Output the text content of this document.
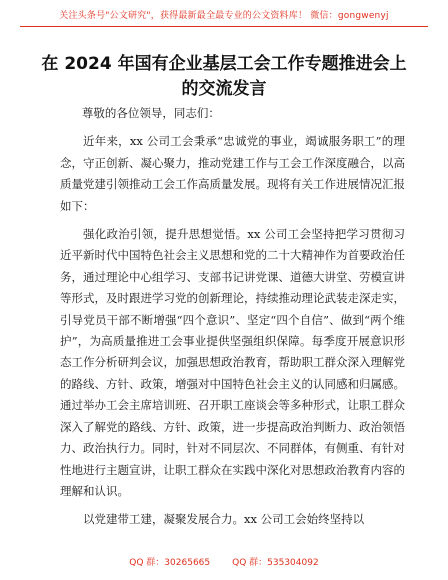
关注头条号"公文研究"，获得最新最全最专业的公文资料库！ 微信：gongwenyj
在 2024 年国有企业基层工会工作专题推进会上的交流发言

尊敬的各位领导，同志们：

近年来，xx 公司工会秉承“忠诚党的事业，竭诚服务职工”的理念，守正创新、凝心聚力，推动党建工作与工会工作深度融合，以高质量党建引领推动工会工作高质量发展。现将有关工作进展情况汇报如下：

强化政治引领，提升思想觉悟。xx 公司工会坚持把学习贯彻习近平新时代中国特色社会主义思想和党的二十大精神作为首要政治任务，通过理论中心组学习、支部书记讲党课、道德大讲堂、劳模宣讲等形式，及时跟进学习党的创新理论，持续推动理论武装走深走实，引导党员干部不断增强“四个意识”、坚定“四个自信”、做到“两个维护”，为高质量推进工会事业提供坚强组织保障。每季度开展意识形态工作分析研判会议，加强思想政治教育，帮助职工群众深入理解党的路线、方针、政策，增强对中国特色社会主义的认同感和归属感。通过举办工会主席培训班、召开职工座谈会等多种形式，让职工群众深入了解党的路线、方针、政策，进一步提高政治判断力、政治领悟力、政治执行力。同时，针对不同层次、不同群体，有侧重、有针对性地进行主题宣讲，让职工群众在实践中深化对思想政治教育内容的理解和认识。

以党建带工建，凝聚发展合力。xx 公司工会始终坚持以

QQ 群：30265665 QQ 群：535304092
